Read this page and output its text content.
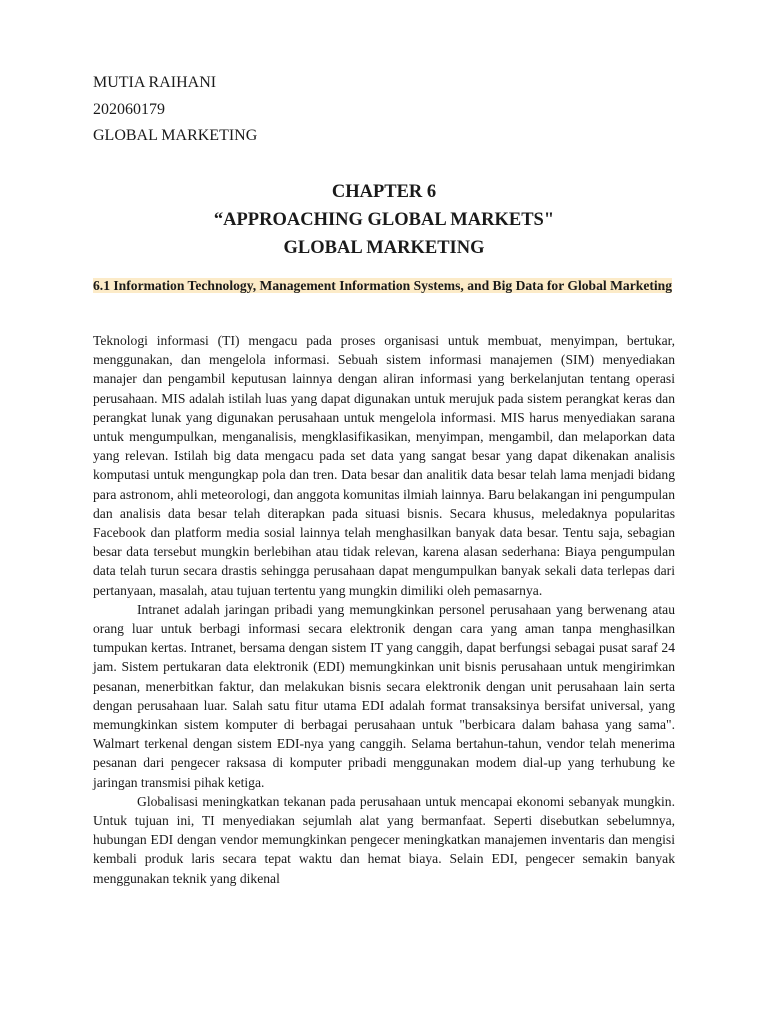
MUTIA RAIHANI
202060179
GLOBAL MARKETING
CHAPTER 6
“APPROACHING GLOBAL MARKETS"
GLOBAL MARKETING
6.1 Information Technology, Management Information Systems, and Big Data for Global Marketing

Teknologi informasi (TI) mengacu pada proses organisasi untuk membuat, menyimpan, bertukar, menggunakan, dan mengelola informasi. Sebuah sistem informasi manajemen (SIM) menyediakan manajer dan pengambil keputusan lainnya dengan aliran informasi yang berkelanjutan tentang operasi perusahaan. MIS adalah istilah luas yang dapat digunakan untuk merujuk pada sistem perangkat keras dan perangkat lunak yang digunakan perusahaan untuk mengelola informasi. MIS harus menyediakan sarana untuk mengumpulkan, menganalisis, mengklasifikasikan, menyimpan, mengambil, dan melaporkan data yang relevan. Istilah big data mengacu pada set data yang sangat besar yang dapat dikenakan analisis komputasi untuk mengungkap pola dan tren. Data besar dan analitik data besar telah lama menjadi bidang para astronom, ahli meteorologi, dan anggota komunitas ilmiah lainnya. Baru belakangan ini pengumpulan dan analisis data besar telah diterapkan pada situasi bisnis. Secara khusus, meledaknya popularitas Facebook dan platform media sosial lainnya telah menghasilkan banyak data besar. Tentu saja, sebagian besar data tersebut mungkin berlebihan atau tidak relevan, karena alasan sederhana: Biaya pengumpulan data telah turun secara drastis sehingga perusahaan dapat mengumpulkan banyak sekali data terlepas dari pertanyaan, masalah, atau tujuan tertentu yang mungkin dimiliki oleh pemasarnya.

Intranet adalah jaringan pribadi yang memungkinkan personel perusahaan yang berwenang atau orang luar untuk berbagi informasi secara elektronik dengan cara yang aman tanpa menghasilkan tumpukan kertas. Intranet, bersama dengan sistem IT yang canggih, dapat berfungsi sebagai pusat saraf 24 jam. Sistem pertukaran data elektronik (EDI) memungkinkan unit bisnis perusahaan untuk mengirimkan pesanan, menerbitkan faktur, dan melakukan bisnis secara elektronik dengan unit perusahaan lain serta dengan perusahaan luar. Salah satu fitur utama EDI adalah format transaksinya bersifat universal, yang memungkinkan sistem komputer di berbagai perusahaan untuk "berbicara dalam bahasa yang sama". Walmart terkenal dengan sistem EDI-nya yang canggih. Selama bertahun-tahun, vendor telah menerima pesanan dari pengecer raksasa di komputer pribadi menggunakan modem dial-up yang terhubung ke jaringan transmisi pihak ketiga.

Globalisasi meningkatkan tekanan pada perusahaan untuk mencapai ekonomi sebanyak mungkin. Untuk tujuan ini, TI menyediakan sejumlah alat yang bermanfaat. Seperti disebutkan sebelumnya, hubungan EDI dengan vendor memungkinkan pengecer meningkatkan manajemen inventaris dan mengisi kembali produk laris secara tepat waktu dan hemat biaya. Selain EDI, pengecer semakin banyak menggunakan teknik yang dikenal
